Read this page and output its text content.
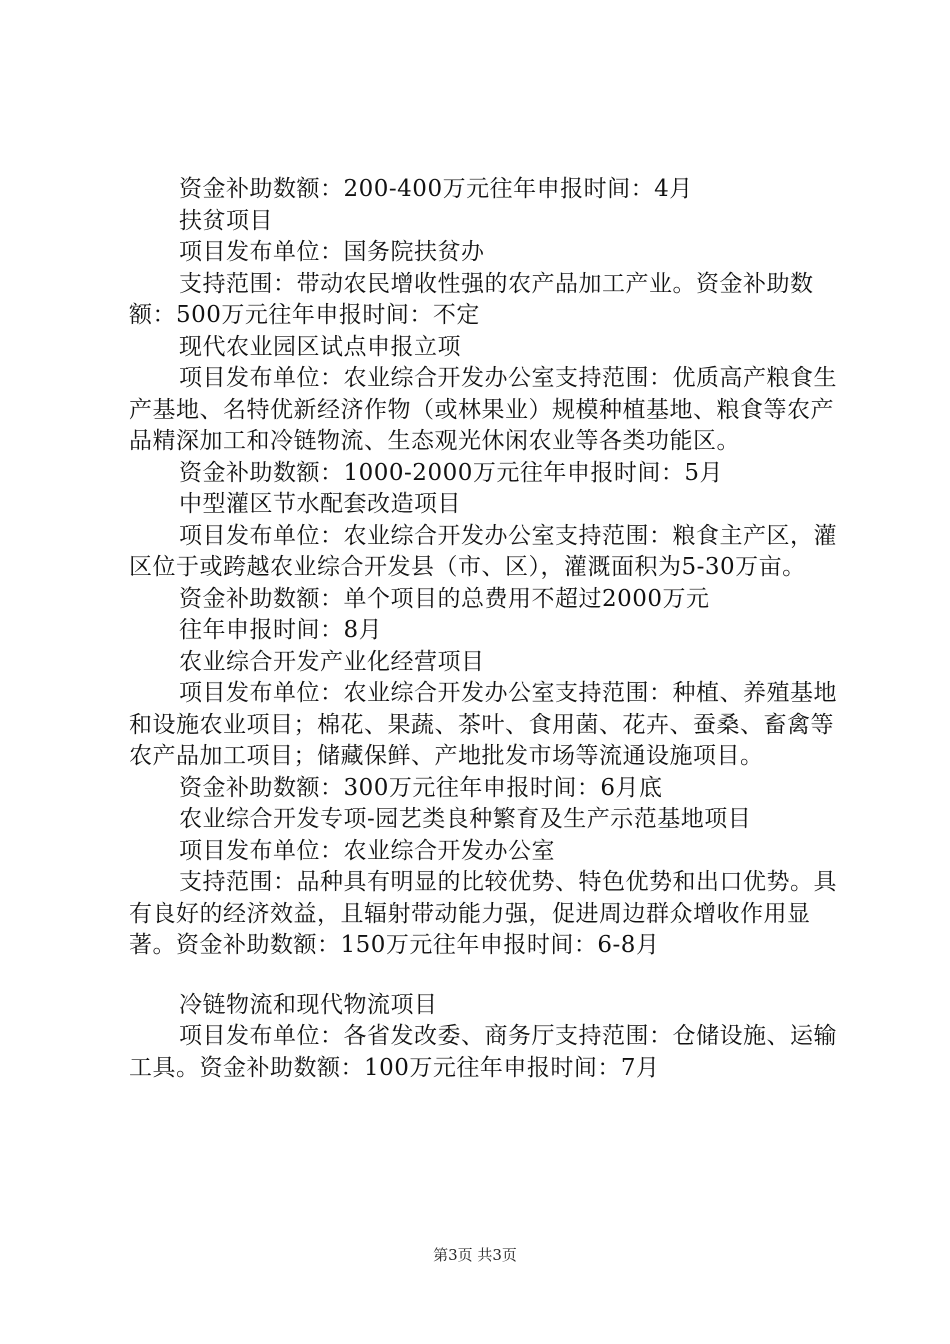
资金补助数额：200-400万元往年申报时间：4月

扶贫项目

项目发布单位：国务院扶贫办

支持范围：带动农民增收性强的农产品加工产业。资金补助数额：500万元往年申报时间：不定

现代农业园区试点申报立项

项目发布单位：农业综合开发办公室支持范围：优质高产粮食生产基地、名特优新经济作物（或林果业）规模种植基地、粮食等农产品精深加工和冷链物流、生态观光休闲农业等各类功能区。

资金补助数额：1000-2000万元往年申报时间：5月

中型灌区节水配套改造项目

项目发布单位：农业综合开发办公室支持范围：粮食主产区，灌区位于或跨越农业综合开发县（市、区），灌溉面积为5-30万亩。

资金补助数额：单个项目的总费用不超过2000万元

往年申报时间：8月

农业综合开发产业化经营项目

项目发布单位：农业综合开发办公室支持范围：种植、养殖基地和设施农业项目；棉花、果蔬、茶叶、食用菌、花卉、蚕桑、畜禽等农产品加工项目；储藏保鲜、产地批发市场等流通设施项目。

资金补助数额：300万元往年申报时间：6月底

农业综合开发专项-园艺类良种繁育及生产示范基地项目

项目发布单位：农业综合开发办公室

支持范围：品种具有明显的比较优势、特色优势和出口优势。具有良好的经济效益，且辐射带动能力强，促进周边群众增收作用显著。资金补助数额：150万元往年申报时间：6-8月

冷链物流和现代物流项目

项目发布单位：各省发改委、商务厅支持范围：仓储设施、运输工具。资金补助数额：100万元往年申报时间：7月

第3页 共3页
